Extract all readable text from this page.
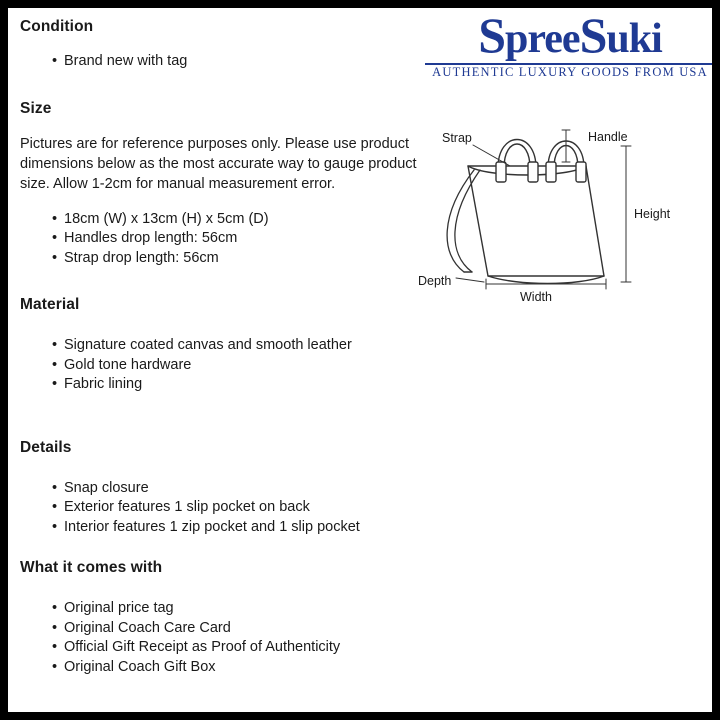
SpreeSuki
AUTHENTIC LUXURY GOODS FROM USA
Strap	Handle
Height
Depth
Width
Condition
• Brand new with tag
Size

Pictures are for reference purposes only. Please use product dimensions below as the most accurate way to gauge product size. Allow 1-2cm for manual measurement error.

• 18cm (W) x 13cm (H) x 5cm (D)
• Handles drop length: 56cm
• Strap drop length: 56cm
Material
• Signature coated canvas and smooth leather
• Gold tone hardware
• Fabric lining
Details
• Snap closure
• Exterior features 1 slip pocket on back
• Interior features 1 zip pocket and 1 slip pocket
What it comes with
• Original price tag
• Original Coach Care Card
• Official Gift Receipt as Proof of Authenticity
• Original Coach Gift Box
